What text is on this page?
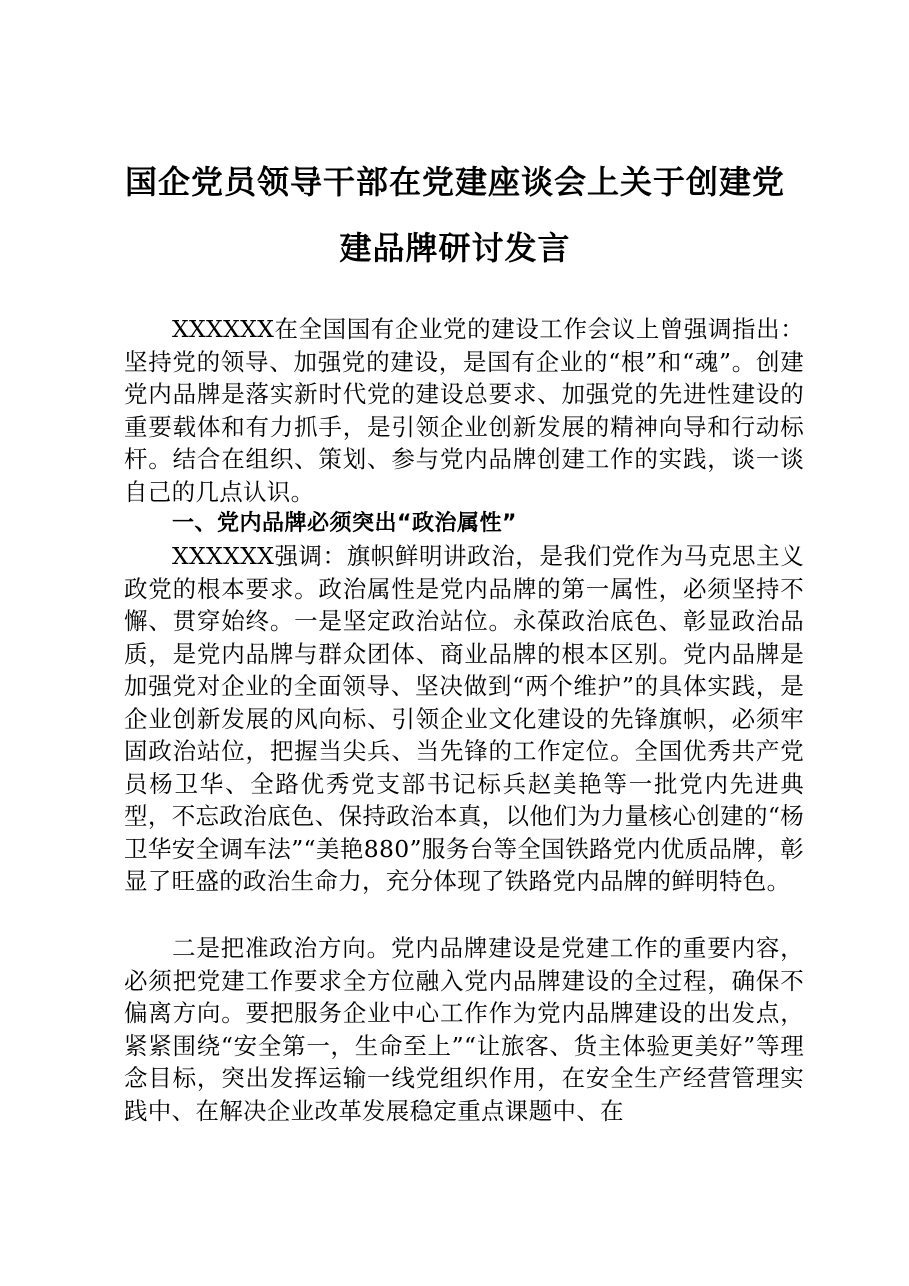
国企党员领导干部在党建座谈会上关于创建党
建品牌研讨发言

XXXXXX在全国国有企业党的建设工作会议上曾强调指出：坚持党的领导、加强党的建设，是国有企业的“根”和“魂”。创建党内品牌是落实新时代党的建设总要求、加强党的先进性建设的重要载体和有力抓手，是引领企业创新发展的精神向导和行动标杆。结合在组织、策划、参与党内品牌创建工作的实践，谈一谈自己的几点认识。

一、党内品牌必须突出“政治属性”

XXXXXX强调：旗帜鲜明讲政治，是我们党作为马克思主义政党的根本要求。政治属性是党内品牌的第一属性，必须坚持不懈、贯穿始终。一是坚定政治站位。永葆政治底色、彰显政治品质，是党内品牌与群众团体、商业品牌的根本区别。党内品牌是加强党对企业的全面领导、坚决做到“两个维护”的具体实践，是企业创新发展的风向标、引领企业文化建设的先锋旗帜，必须牢固政治站位，把握当尖兵、当先锋的工作定位。全国优秀共产党员杨卫华、全路优秀党支部书记标兵赵美艳等一批党内先进典型，不忘政治底色、保持政治本真，以他们为力量核心创建的“杨卫华安全调车法”“美艳880”服务台等全国铁路党内优质品牌，彰显了旺盛的政治生命力，充分体现了铁路党内品牌的鲜明特色。

二是把准政治方向。党内品牌建设是党建工作的重要内容，必须把党建工作要求全方位融入党内品牌建设的全过程，确保不偏离方向。要把服务企业中心工作作为党内品牌建设的出发点，紧紧围绕“安全第一，生命至上”“让旅客、货主体验更美好”等理念目标，突出发挥运输一线党组织作用，在安全生产经营管理实践中、在解决企业改革发展稳定重点课题中、在
